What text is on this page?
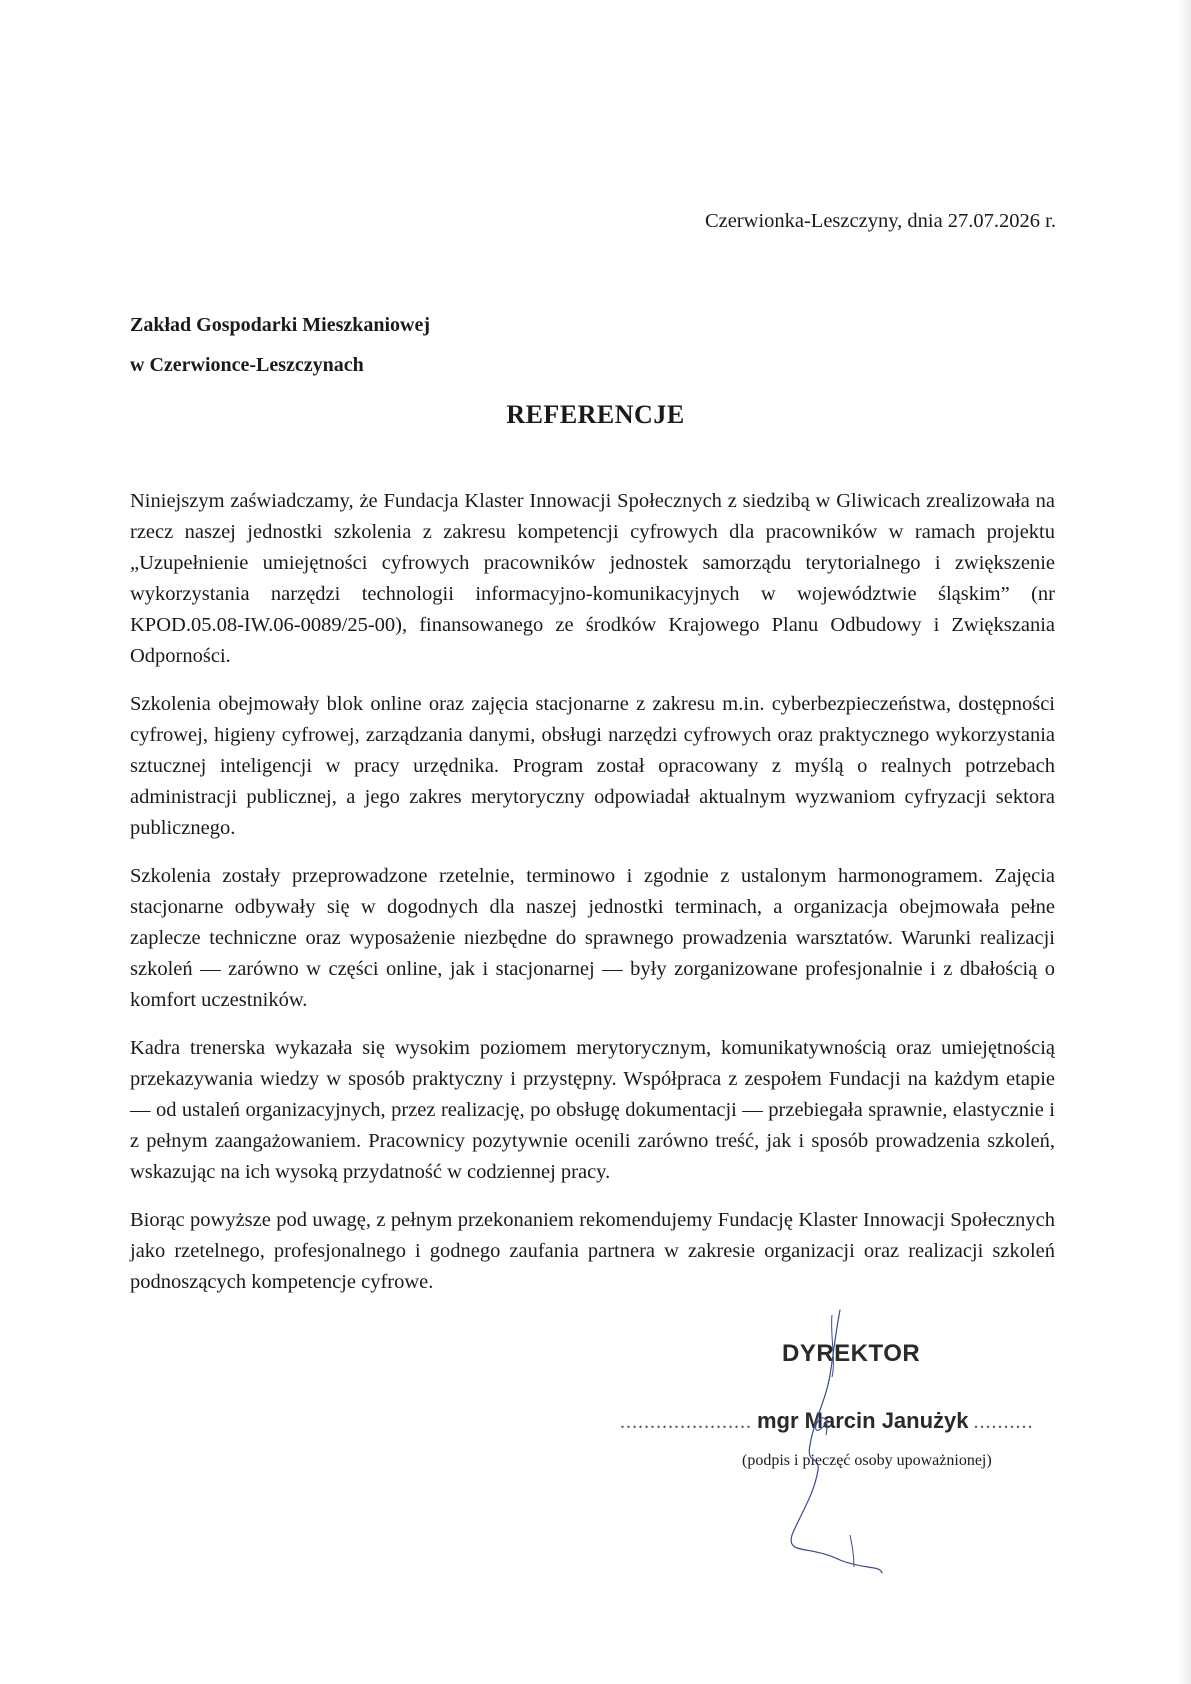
Czerwionka-Leszczyny, dnia 27.07.2026 r.
Zakład Gospodarki Mieszkaniowej
w Czerwionce-Leszczynach
REFERENCJE

Niniejszym zaświadczamy, że Fundacja Klaster Innowacji Społecznych z siedzibą w Gliwicach zrealizowała na rzecz naszej jednostki szkolenia z zakresu kompetencji cyfrowych dla pracowników w ramach projektu „Uzupełnienie umiejętności cyfrowych pracowników jednostek samorządu terytorialnego i zwiększenie wykorzystania narzędzi technologii informacyjno-komunikacyjnych w województwie śląskim” (nr KPOD.05.08-IW.06-0089/25-00), finansowanego ze środków Krajowego Planu Odbudowy i Zwiększania Odporności.

Szkolenia obejmowały blok online oraz zajęcia stacjonarne z zakresu m.in. cyberbezpieczeństwa, dostępności cyfrowej, higieny cyfrowej, zarządzania danymi, obsługi narzędzi cyfrowych oraz praktycznego wykorzystania sztucznej inteligencji w pracy urzędnika. Program został opracowany z myślą o realnych potrzebach administracji publicznej, a jego zakres merytoryczny odpowiadał aktualnym wyzwaniom cyfryzacji sektora publicznego.

Szkolenia zostały przeprowadzone rzetelnie, terminowo i zgodnie z ustalonym harmonogramem. Zajęcia stacjonarne odbywały się w dogodnych dla naszej jednostki terminach, a organizacja obejmowała pełne zaplecze techniczne oraz wyposażenie niezbędne do sprawnego prowadzenia warsztatów. Warunki realizacji szkoleń — zarówno w części online, jak i stacjonarnej — były zorganizowane profesjonalnie i z dbałością o komfort uczestników.

Kadra trenerska wykazała się wysokim poziomem merytorycznym, komunikatywnością oraz umiejętnością przekazywania wiedzy w sposób praktyczny i przystępny. Współpraca z zespołem Fundacji na każdym etapie — od ustaleń organizacyjnych, przez realizację, po obsługę dokumentacji — przebiegała sprawnie, elastycznie i z pełnym zaangażowaniem. Pracownicy pozytywnie ocenili zarówno treść, jak i sposób prowadzenia szkoleń, wskazując na ich wysoką przydatność w codziennej pracy.

Biorąc powyższe pod uwagę, z pełnym przekonaniem rekomendujemy Fundację Klaster Innowacji Społecznych jako rzetelnego, profesjonalnego i godnego zaufania partnera w zakresie organizacji oraz realizacji szkoleń podnoszących kompetencje cyfrowe.

DYREKTOR
...................... mgr Marcin Janużyk ..........
(podpis i pieczęć osoby upoważnionej)
